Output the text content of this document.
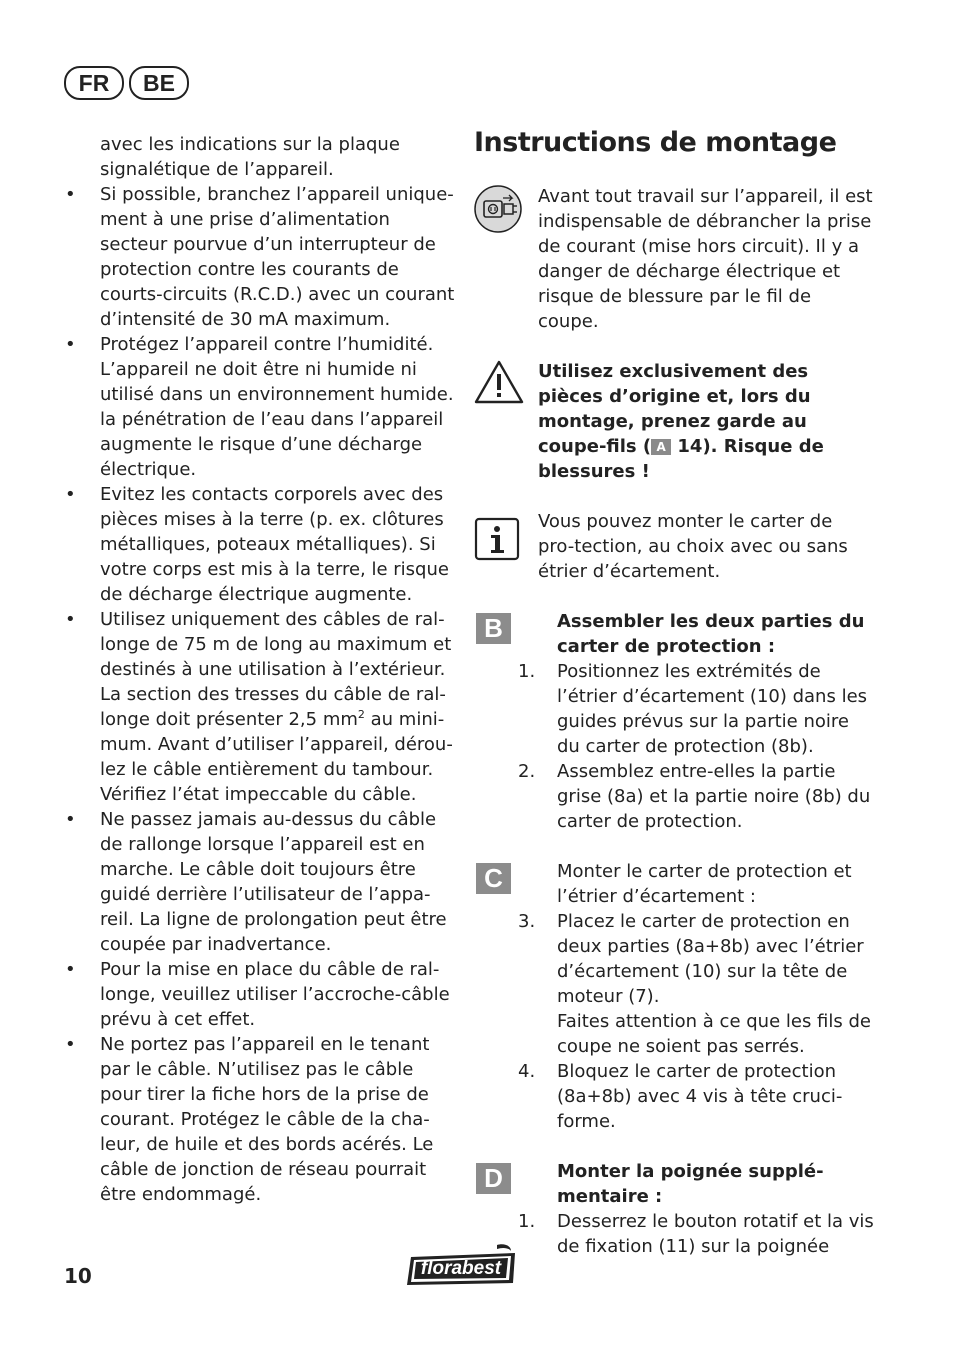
FR	BE
avec les indications sur la plaque signalétique de l’appareil.
• Si possible, branchez l’appareil unique-ment à une prise d’alimentation secteur pourvue d’un interrupteur de protection contre les courants de courts-circuits (R.C.D.) avec un courant d’intensité de 30 mA maximum.
• Protégez l’appareil contre l’humidité. L’appareil ne doit être ni humide ni utilisé dans un environnement humide. la pénétration de l’eau dans l’appareil augmente le risque d’une décharge électrique.
• Evitez les contacts corporels avec des pièces mises à la terre (p. ex. clôtures métalliques, poteaux métalliques). Si votre corps est mis à la terre, le risque de décharge électrique augmente.
• Utilisez uniquement des câbles de ral-longe de 75 m de long au maximum et destinés à une utilisation à l’extérieur. La section des tresses du câble de ral-longe doit présenter 2,5 $mm^2$ au mini-mum. Avant d’utiliser l’appareil, dérou-lez le câble entièrement du tambour. Vérifiez l’état impeccable du câble.
• Ne passez jamais au-dessus du câble de rallonge lorsque l’appareil est en marche. Le câble doit toujours être guidé derrière l’utilisateur de l’appa-reil. La ligne de prolongation peut être coupée par inadvertance.
• Pour la mise en place du câble de ral-longe, veuillez utiliser l’accroche-câble prévu à cet effet.
• Ne portez pas l’appareil en le tenant par le câble. N’utilisez pas le câble pour tirer la fiche hors de la prise de courant. Protégez le câble de la cha-leur, de huile et des bords acérés. Le câble de jonction de réseau pourrait être endommagé.
Instructions de montage
Avant tout travail sur l’appareil, il est indispensable de débrancher la prise de courant (mise hors circuit). Il y a danger de décharge électrique et risque de blessure par le fil de coupe.
Utilisez exclusivement des pièces d’origine et, lors du montage, prenez garde au coupe-fils ( A 14). Risque de blessures !
Vous pouvez monter le carter de pro-tection, au choix avec ou sans étrier d’écartement.
B	Assembler les deux parties du carter de protection :
1. Positionnez les extrémités de l’étrier d’écartement (10) dans les guides prévus sur la partie noire du carter de protection (8b).
2. Assemblez entre-elles la partie grise (8a) et la partie noire (8b) du carter de protection.
C	Monter le carter de protection et l’étrier d’écartement :
3. Placez le carter de protection en deux parties (8a+8b) avec l’étrier d’écartement (10) sur la tête de moteur (7).
Faites attention à ce que les fils de coupe ne soient pas serrés.
4. Bloquez le carter de protection (8a+8b) avec 4 vis à tête cruci-forme.
D	Monter la poignée supplé-mentaire :
1. Desserrez le bouton rotatif et la vis de fixation (11) sur la poignée
10	florabest
